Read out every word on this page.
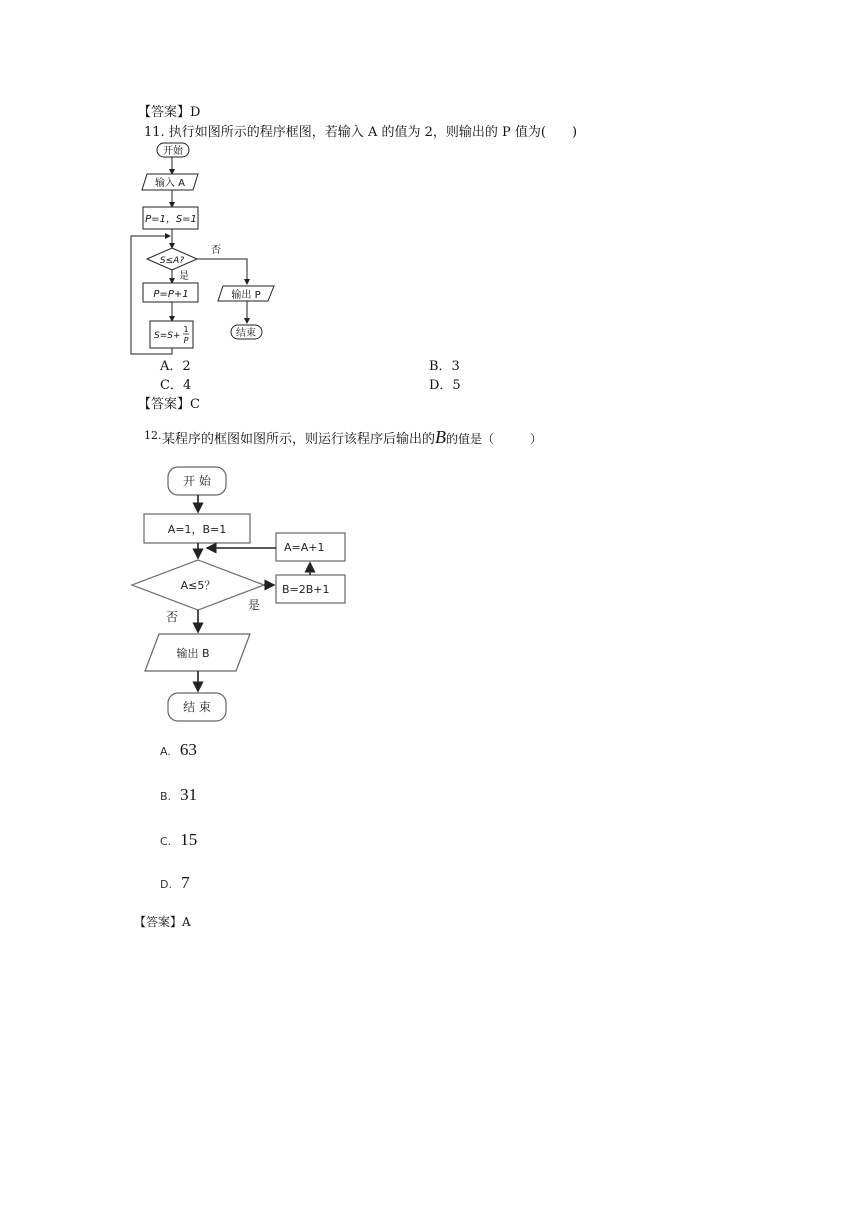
【答案】D
11. 执行如图所示的程序框图，若输入 A 的值为 2，则输出的 P 值为(　　)
开始
输入 A
P=1，S=1
S≤A?
是
否
P=P+1
S=S+
1
P
输出 P
结束
A．2	B．3
C．4	D．5
【答案】C
12. 某程序的框图如图所示，则运行该程序后输出的B的值是（　　　）
开 始
A=1，B=1
A≤5？
是
否
A=A+1
B=2B+1
输出 B
结 束
A. 63
B. 31
C. 15
D. 7
【答案】A
